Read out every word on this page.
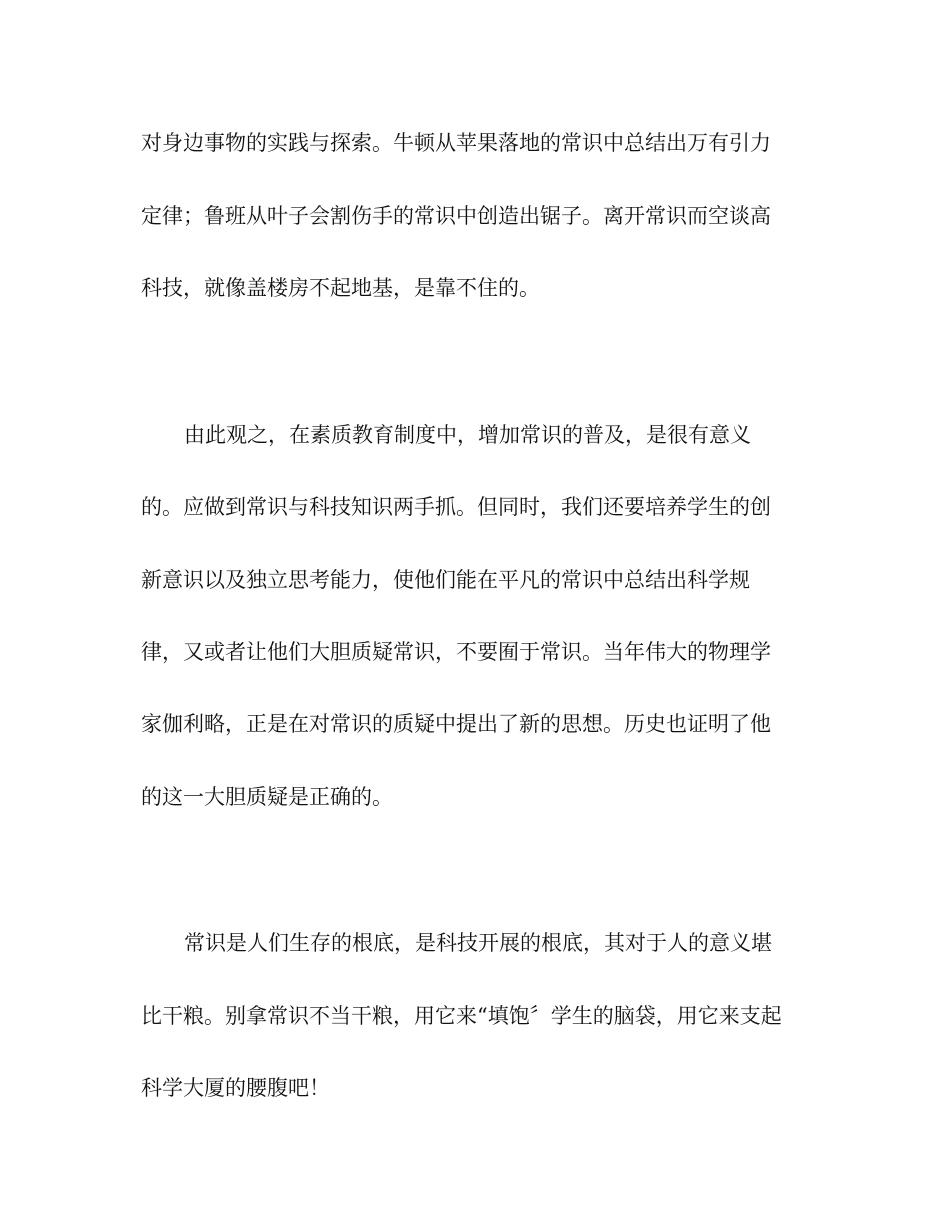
对身边事物的实践与探索。牛顿从苹果落地的常识中总结出万有引力

定律；鲁班从叶子会割伤手的常识中创造出锯子。离开常识而空谈高

科技，就像盖楼房不起地基，是靠不住的。

由此观之，在素质教育制度中，增加常识的普及，是很有意义

的。应做到常识与科技知识两手抓。但同时，我们还要培养学生的创

新意识以及独立思考能力，使他们能在平凡的常识中总结出科学规

律，又或者让他们大胆质疑常识，不要囿于常识。当年伟大的物理学

家伽利略，正是在对常识的质疑中提出了新的思想。历史也证明了他

的这一大胆质疑是正确的。

常识是人们生存的根底，是科技开展的根底，其对于人的意义堪

比干粮。别拿常识不当干粮，用它来“填饱〞学生的脑袋，用它来支起

科学大厦的腰腹吧！
